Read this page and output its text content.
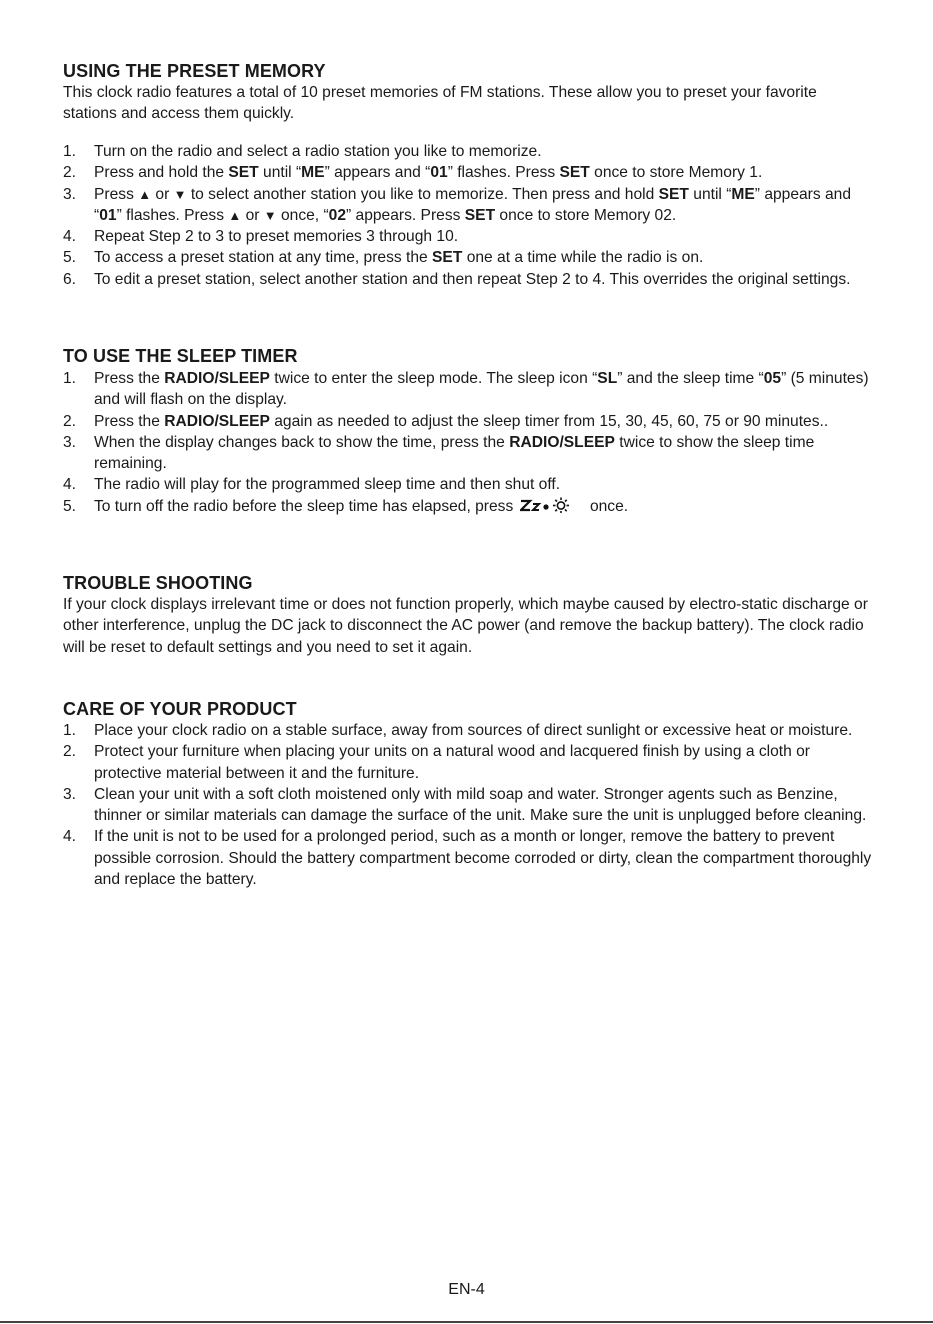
USING THE PRESET MEMORY

This clock radio features a total of 10 preset memories of FM stations. These allow you to preset your favorite stations and access them quickly.

1. Turn on the radio and select a radio station you like to memorize.
2. Press and hold the SET until “ME” appears and “01” flashes. Press SET once to store Memory 1.
3. Press ▲ or ▼ to select another station you like to memorize. Then press and hold SET until “ME” appears and “01” flashes. Press ▲ or ▼ once, “02” appears. Press SET once to store Memory 02.
4. Repeat Step 2 to 3 to preset memories 3 through 10.
5. To access a preset station at any time, press the SET one at a time while the radio is on.
6. To edit a preset station, select another station and then repeat Step 2 to 4. This overrides the original settings.
TO USE THE SLEEP TIMER
1. Press the RADIO/SLEEP twice to enter the sleep mode. The sleep icon “SL” and the sleep time “05” (5 minutes) and will flash on the display.
2. Press the RADIO/SLEEP again as needed to adjust the sleep timer from 15, 30, 45, 60, 75 or 90 minutes..
3. When the display changes back to show the time, press the RADIO/SLEEP twice to show the sleep time remaining.
4. The radio will play for the programmed sleep time and then shut off.
5. To turn off the radio before the sleep time has elapsed, press	once.
TROUBLE SHOOTING

If your clock displays irrelevant time or does not function properly, which maybe caused by electro-static discharge or other interference, unplug the DC jack to disconnect the AC power (and remove the backup battery). The clock radio will be reset to default settings and you need to set it again.

CARE OF YOUR PRODUCT
1. Place your clock radio on a stable surface, away from sources of direct sunlight or excessive heat or moisture.
2. Protect your furniture when placing your units on a natural wood and lacquered finish by using a cloth or protective material between it and the furniture.
3. Clean your unit with a soft cloth moistened only with mild soap and water. Stronger agents such as Benzine, thinner or similar materials can damage the surface of the unit. Make sure the unit is unplugged before cleaning.
4. If the unit is not to be used for a prolonged period, such as a month or longer, remove the battery to prevent possible corrosion. Should the battery compartment become corroded or dirty, clean the compartment thoroughly and replace the battery.
EN-4
